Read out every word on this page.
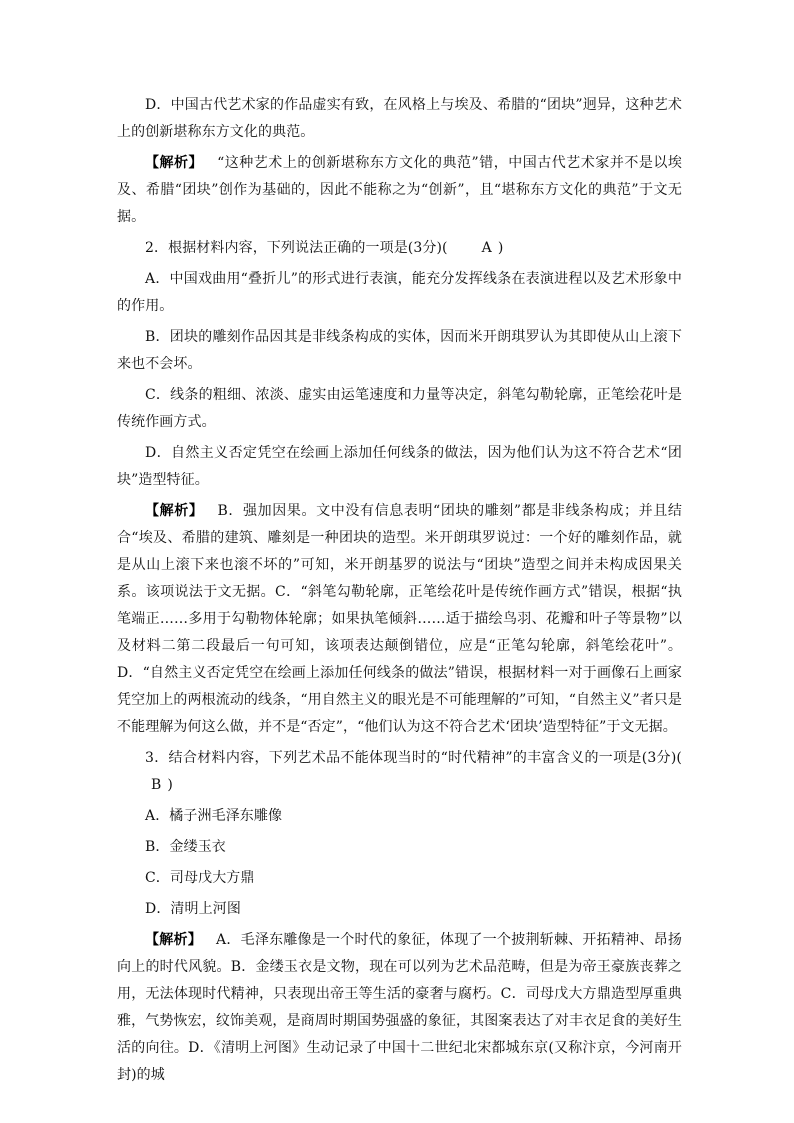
D．中国古代艺术家的作品虚实有致，在风格上与埃及、希腊的“团块”迥异，这种艺术上的创新堪称东方文化的典范。

【解析】 “这种艺术上的创新堪称东方文化的典范”错，中国古代艺术家并不是以埃及、希腊“团块”创作为基础的，因此不能称之为“创新”，且“堪称东方文化的典范”于文无据。

2．根据材料内容，下列说法正确的一项是(3分)( A )

A．中国戏曲用“叠折儿”的形式进行表演，能充分发挥线条在表演进程以及艺术形象中的作用。

B．团块的雕刻作品因其是非线条构成的实体，因而米开朗琪罗认为其即使从山上滚下来也不会坏。

C．线条的粗细、浓淡、虚实由运笔速度和力量等决定，斜笔勾勒轮廓，正笔绘花叶是传统作画方式。

D．自然主义否定凭空在绘画上添加任何线条的做法，因为他们认为这不符合艺术“团块”造型特征。

【解析】 B．强加因果。文中没有信息表明“团块的雕刻”都是非线条构成；并且结合“埃及、希腊的建筑、雕刻是一种团块的造型。米开朗琪罗说过：一个好的雕刻作品，就是从山上滚下来也滚不坏的”可知，米开朗基罗的说法与“团块”造型之间并未构成因果关系。该项说法于文无据。C．“斜笔勾勒轮廓，正笔绘花叶是传统作画方式”错误，根据“执笔端正……多用于勾勒物体轮廓；如果执笔倾斜……适于描绘鸟羽、花瓣和叶子等景物”以及材料二第二段最后一句可知，该项表达颠倒错位，应是“正笔勾轮廓，斜笔绘花叶”。D．“自然主义否定凭空在绘画上添加任何线条的做法”错误，根据材料一对于画像石上画家凭空加上的两根流动的线条，“用自然主义的眼光是不可能理解的”可知，“自然主义”者只是不能理解为何这么做，并不是“否定”，“他们认为这不符合艺术‘团块’造型特征”于文无据。

3．结合材料内容，下列艺术品不能体现当时的“时代精神”的丰富含义的一项是(3分)(B )

A．橘子洲毛泽东雕像

B．金缕玉衣

C．司母戊大方鼎

D．清明上河图

【解析】 A．毛泽东雕像是一个时代的象征，体现了一个披荆斩棘、开拓精神、昂扬向上的时代风貌。B．金缕玉衣是文物，现在可以列为艺术品范畴，但是为帝王豪族丧葬之用，无法体现时代精神，只表现出帝王等生活的豪奢与腐朽。C．司母戊大方鼎造型厚重典雅，气势恢宏，纹饰美观，是商周时期国势强盛的象征，其图案表达了对丰衣足食的美好生活的向往。D．《清明上河图》生动记录了中国十二世纪北宋都城东京(又称汴京，今河南开封)的城
